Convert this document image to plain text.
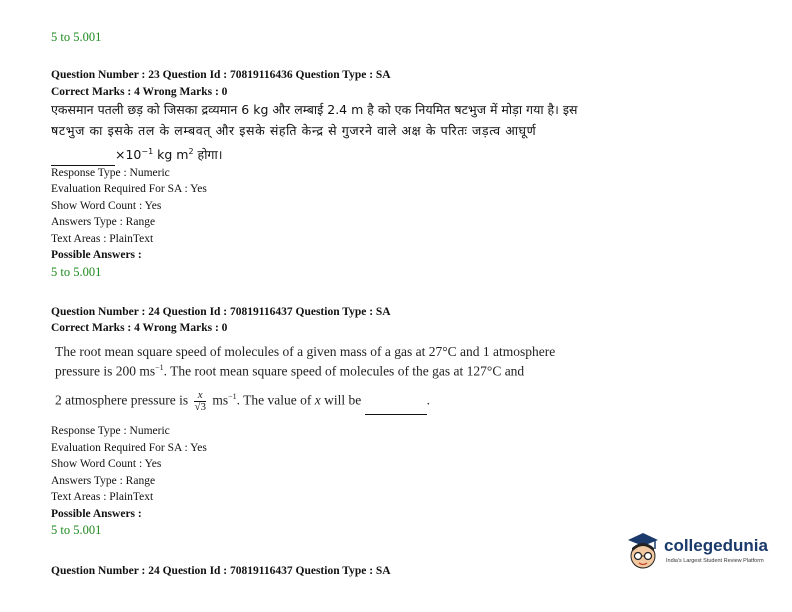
5 to 5.001
Question Number : 23 Question Id : 70819116436 Question Type : SA
Correct Marks : 4 Wrong Marks : 0
एकसमान पतली छड़ को जिसका द्रव्यमान 6 kg और लम्बाई 2.4 m है को एक नियमित षटभुज में मोड़ा गया है। इस
षटभुज का इसके तल के लम्बवत् और इसके संहति केन्द्र से गुजरने वाले अक्ष के परितः जड़त्व आघूर्ण
$\times 10^{-1}$ kg $m^2$ होगा।
Response Type : Numeric
Evaluation Required For SA : Yes
Show Word Count : Yes
Answers Type : Range
Text Areas : PlainText
Possible Answers :
5 to 5.001
Question Number : 24 Question Id : 70819116437 Question Type : SA
Correct Marks : 4 Wrong Marks : 0
The root mean square speed of molecules of a given mass of a gas at 27°C and 1 atmosphere
pressure is 200 $ms^{-1}$. The root mean square speed of molecules of the gas at 127°C and
2 atmosphere pressure is $\frac{x}{√3} ms^{-1}$. The value of x will be	.
Response Type : Numeric
Evaluation Required For SA : Yes
Show Word Count : Yes
Answers Type : Range
Text Areas : PlainText
Possible Answers :
5 to 5.001
Question Number : 24 Question Id : 70819116437 Question Type : SA
collegedunia
India's Largest Student Review Platform
